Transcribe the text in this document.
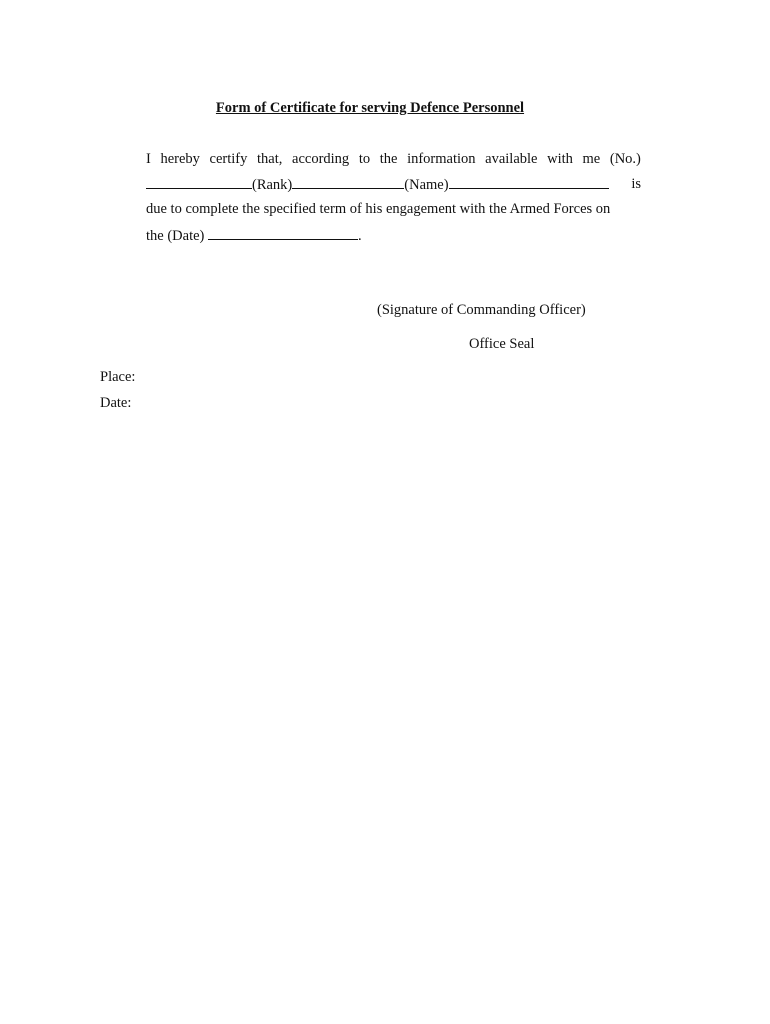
Form of Certificate for serving Defence Personnel
I hereby certify that, according to the information available with me (No.)
(Rank)	(Name)	is
due to complete the specified term of his engagement with the Armed Forces on
the (Date)	.
(Signature of Commanding Officer)
Office Seal
Place:
Date:
